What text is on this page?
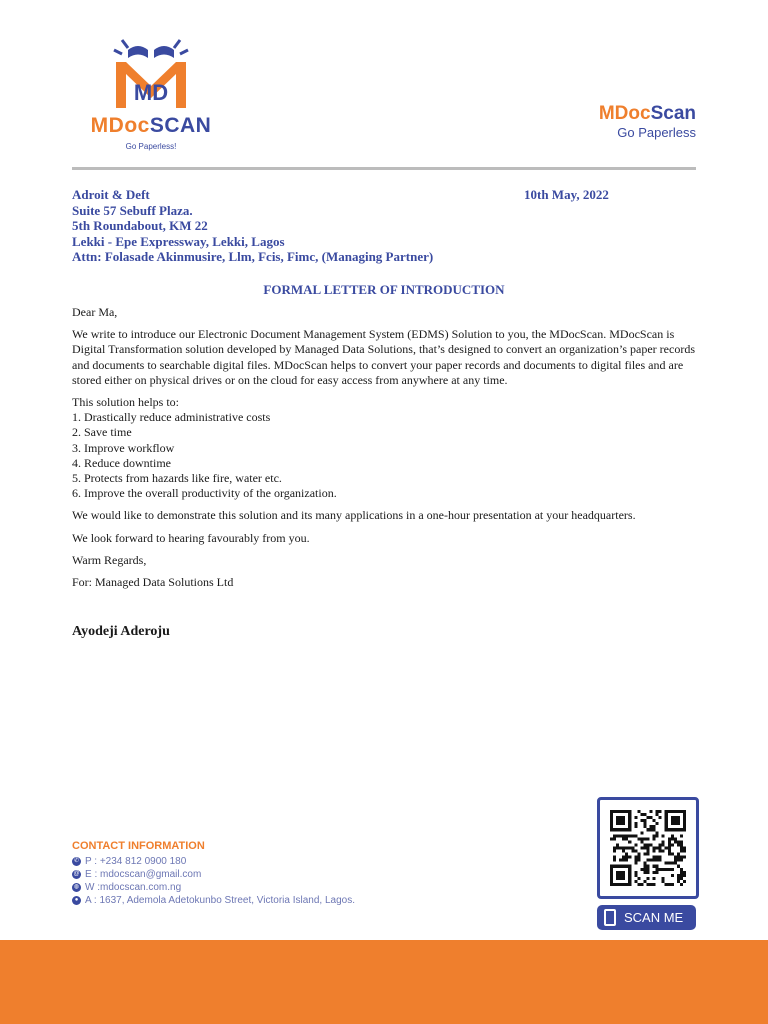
MD
MDocSCAN
Go Paperless!
MDocScan
Go Paperless
Adroit & Deft
Suite 57 Sebuff Plaza.
5th Roundabout, KM 22
Lekki - Epe Expressway, Lekki, Lagos
Attn: Folasade Akinmusire, Llm, Fcis, Fimc, (Managing Partner)
10th May, 2022
FORMAL LETTER OF INTRODUCTION

Dear Ma,

We write to introduce our Electronic Document Management System (EDMS) Solution to you, the MDocScan. MDocScan is Digital Transformation solution developed by Managed Data Solutions, that’s designed to convert an organization’s paper records and documents to searchable digital files. MDocScan helps to convert your paper records and documents to digital files and are stored either on physical drives or on the cloud for easy access from anywhere at any time.

This solution helps to:
1. Drastically reduce administrative costs
2. Save time
3. Improve workflow
4. Reduce downtime
5. Protects from hazards like fire, water etc.
6. Improve the overall productivity of the organization.

We would like to demonstrate this solution and its many applications in a one-hour presentation at your headquarters.

We look forward to hearing favourably from you.

Warm Regards,

For: Managed Data Solutions Ltd

Ayodeji Aderoju
CONTACT INFORMATION
✆ P : +234 812 0900 180
@ E : mdocscan@gmail.com
◍ W :mdocscan.com.ng
● A : 1637, Ademola Adetokunbo Street, Victoria Island, Lagos.
SCAN ME
